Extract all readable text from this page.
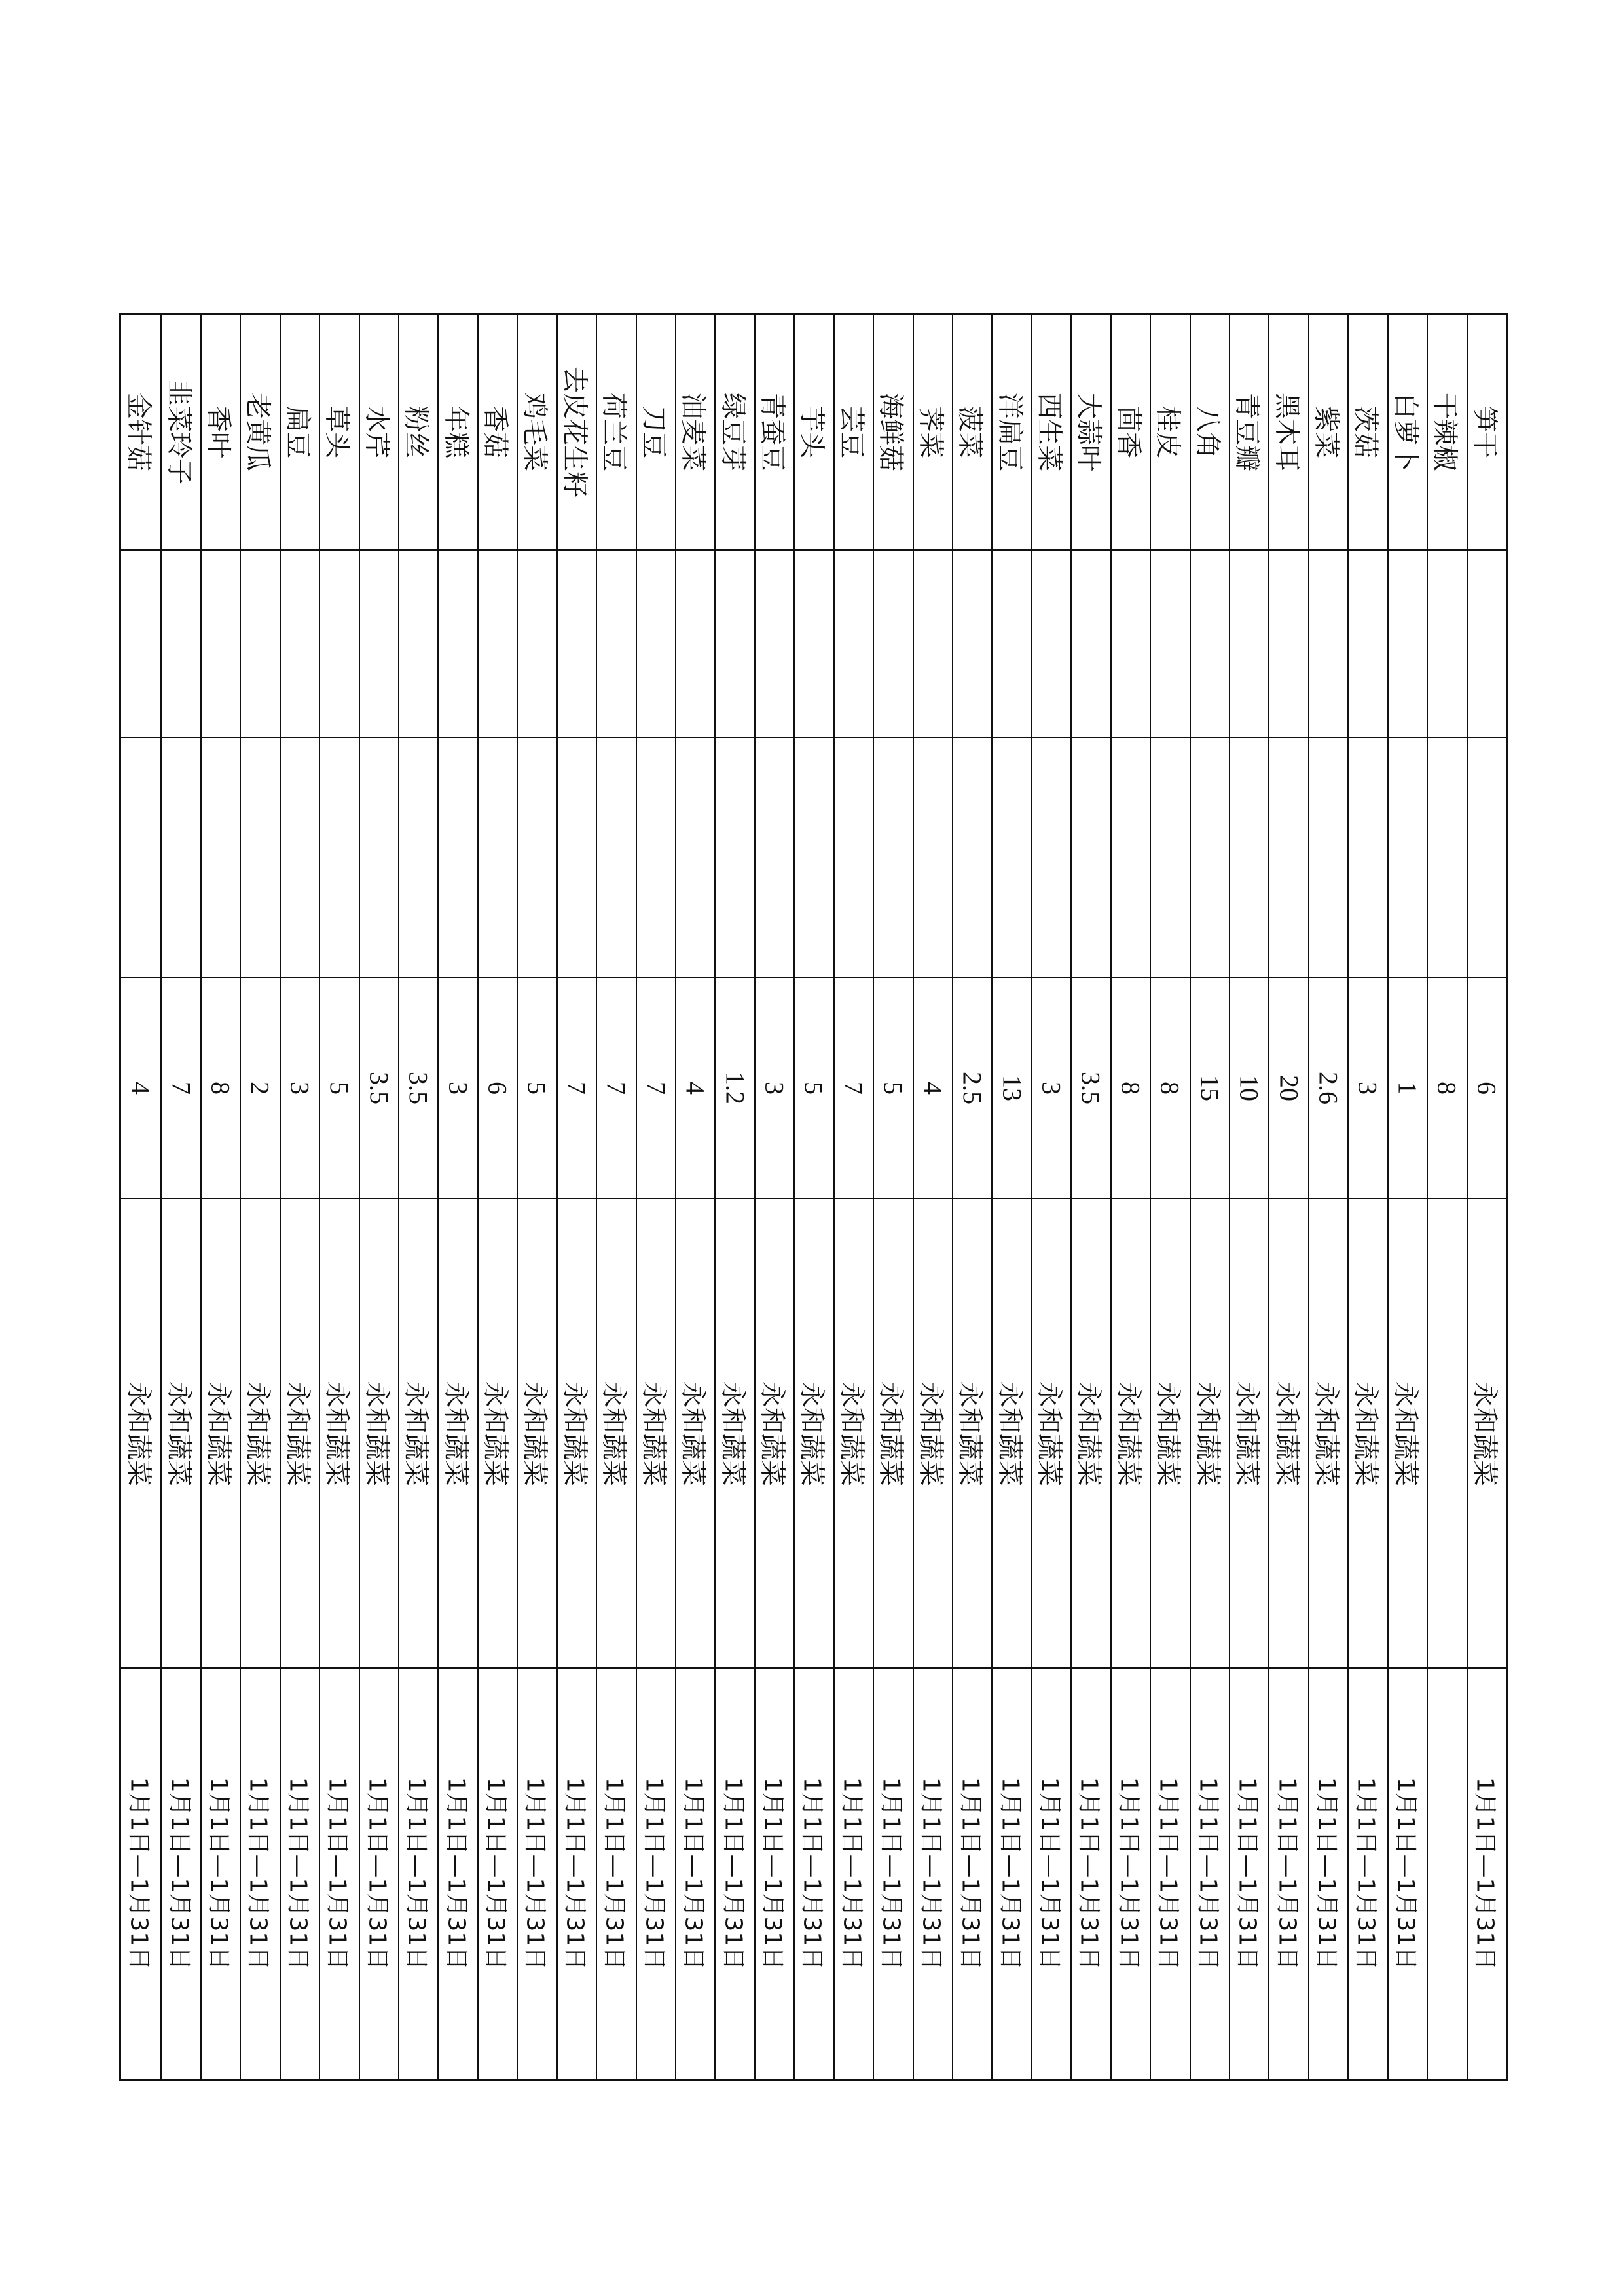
笋干
6
永和蔬菜
1月1日—1月31日
干辣椒
8
白萝卜
1
永和蔬菜
1月1日—1月31日
茨菇
3
永和蔬菜
1月1日—1月31日
紫菜
2.6
永和蔬菜
1月1日—1月31日
黑木耳
20
永和蔬菜
1月1日—1月31日
青豆瓣
10
永和蔬菜
1月1日—1月31日
八角
15
永和蔬菜
1月1日—1月31日
桂皮
8
永和蔬菜
1月1日—1月31日
茴香
8
永和蔬菜
1月1日—1月31日
大蒜叶
3.5
永和蔬菜
1月1日—1月31日
西生菜
3
永和蔬菜
1月1日—1月31日
洋扁豆
13
永和蔬菜
1月1日—1月31日
菠菜
2.5
永和蔬菜
1月1日—1月31日
荠菜
4
永和蔬菜
1月1日—1月31日
海鲜菇
5
永和蔬菜
1月1日—1月31日
芸豆
7
永和蔬菜
1月1日—1月31日
芋头
5
永和蔬菜
1月1日—1月31日
青蚕豆
3
永和蔬菜
1月1日—1月31日
绿豆芽
1.2
永和蔬菜
1月1日—1月31日
油麦菜
4
永和蔬菜
1月1日—1月31日
刀豆
7
永和蔬菜
1月1日—1月31日
荷兰豆
7
永和蔬菜
1月1日—1月31日
去皮花生籽
7
永和蔬菜
1月1日—1月31日
鸡毛菜
5
永和蔬菜
1月1日—1月31日
香菇
6
永和蔬菜
1月1日—1月31日
年糕
3
永和蔬菜
1月1日—1月31日
粉丝
3.5
永和蔬菜
1月1日—1月31日
水芹
3.5
永和蔬菜
1月1日—1月31日
草头
5
永和蔬菜
1月1日—1月31日
扁豆
3
永和蔬菜
1月1日—1月31日
老黄瓜
2
永和蔬菜
1月1日—1月31日
香叶
8
永和蔬菜
1月1日—1月31日
韭菜玲子
7
永和蔬菜
1月1日—1月31日
金针菇
4
永和蔬菜
1月1日—1月31日
